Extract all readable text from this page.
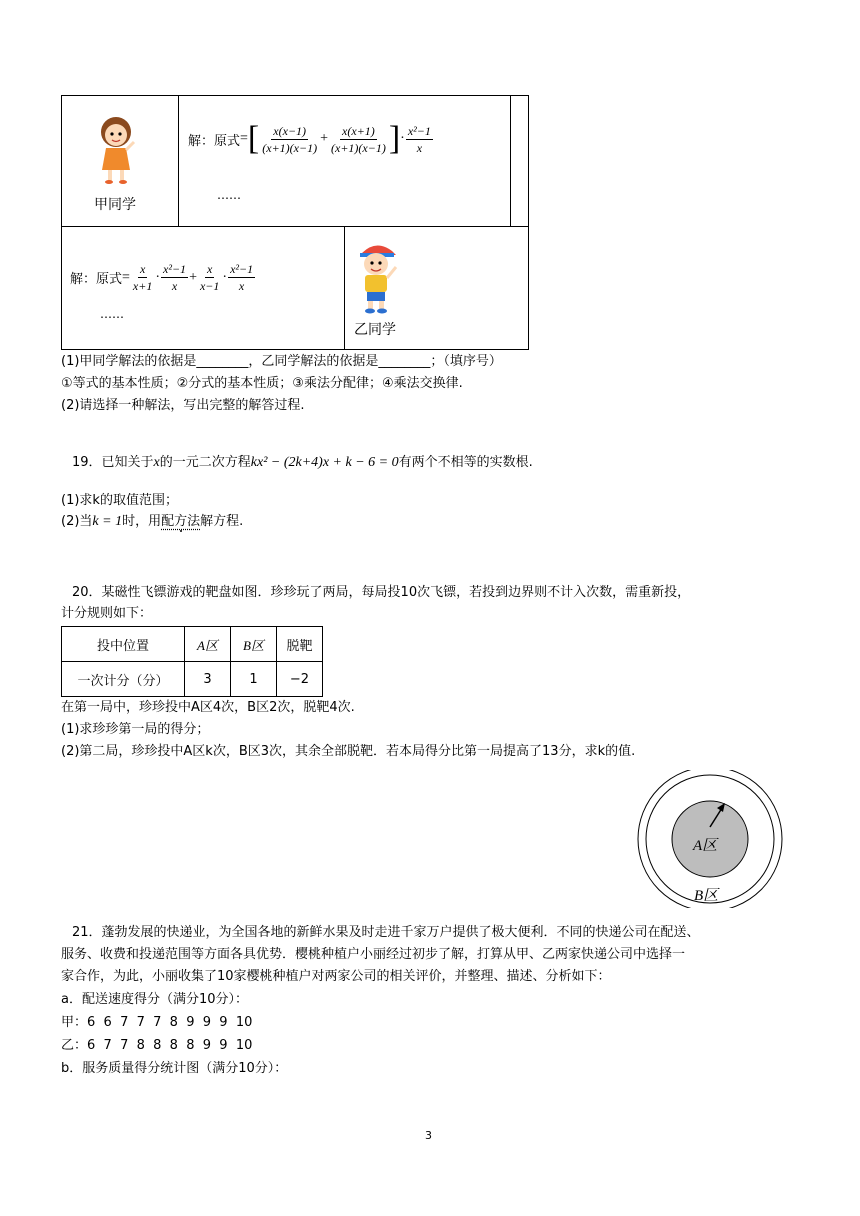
甲同学
解：原式 = [ $\frac{x(x-1)}{(x+1)(x-1)} + \frac{x(x+1)}{(x+1)(x-1)}$ ] · $\frac{\text{x²−1}}{x}$
……
解：原式 = $\frac{x}{x+1} \cdot \frac{\text{x²−1}}{x} + \frac{x}{x-1} \cdot \frac{\text{x²−1}}{x}$
……
乙同学
(1)甲同学解法的依据是________，乙同学解法的依据是________；（填序号）
①等式的基本性质；②分式的基本性质；③乘法分配律；④乘法交换律.
(2)请选择一种解法，写出完整的解答过程.
19．已知关于x的一元二次方程kx² − (2k+4)x + k − 6 = 0有两个不相等的实数根.
(1)求k的取值范围；
(2)当k = 1时，用配方法解方程.
20．某磁性飞镖游戏的靶盘如图．珍珍玩了两局，每局投10次飞镖，若投到边界则不计入次数，需重新投，
计分规则如下：
投中位置	A区	B区	脱靶
一次计分（分）	3	1	−2
在第一局中，珍珍投中A区4次，B区2次，脱靶4次.
(1)求珍珍第一局的得分；
(2)第二局，珍珍投中A区k次，B区3次，其余全部脱靶．若本局得分比第一局提高了13分，求k的值.
A区
B区
21．蓬勃发展的快递业，为全国各地的新鲜水果及时走进千家万户提供了极大便利．不同的快递公司在配送、
服务、收费和投递范围等方面各具优势．樱桃种植户小丽经过初步了解，打算从甲、乙两家快递公司中选择一
家合作，为此，小丽收集了10家樱桃种植户对两家公司的相关评价，并整理、描述、分析如下：
a．配送速度得分（满分10分）：
甲：6  6  7  7  7  8  9  9  9  10
乙：6  7  7  8  8  8  8  9  9  10
b．服务质量得分统计图（满分10分）：
3
